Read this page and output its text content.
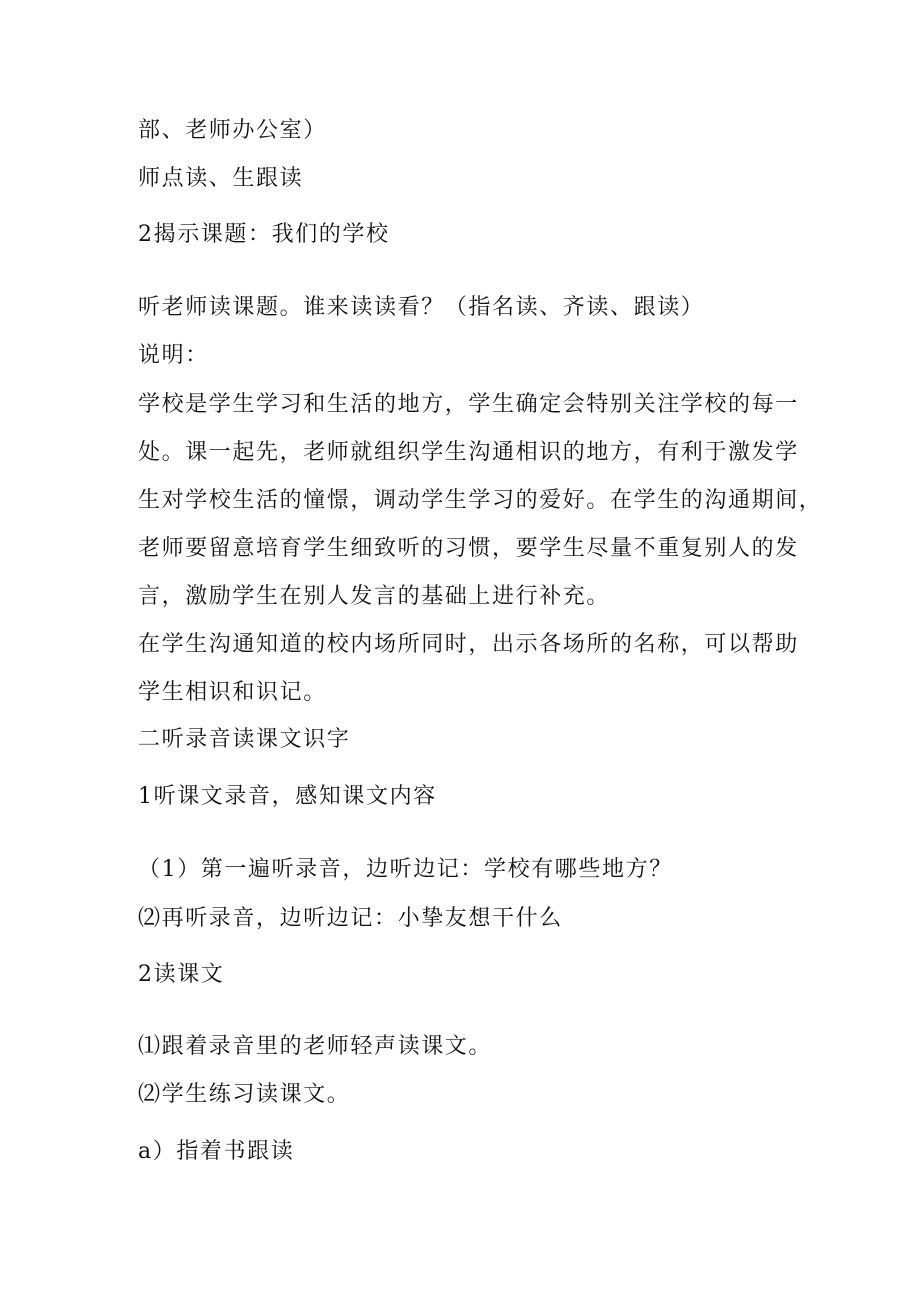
部、老师办公室）
师点读、生跟读
2揭示课题：我们的学校
听老师读课题。谁来读读看？（指名读、齐读、跟读）
说明：
学校是学生学习和生活的地方，学生确定会特别关注学校的每一
处。课一起先，老师就组织学生沟通相识的地方，有利于激发学
生对学校生活的憧憬，调动学生学习的爱好。在学生的沟通期间，
老师要留意培育学生细致听的习惯，要学生尽量不重复别人的发
言，激励学生在别人发言的基础上进行补充。
在学生沟通知道的校内场所同时，出示各场所的名称，可以帮助
学生相识和识记。
二听录音读课文识字
1听课文录音，感知课文内容
（1）第一遍听录音，边听边记：学校有哪些地方？
⑵再听录音，边听边记：小挚友想干什么
2读课文
⑴跟着录音里的老师轻声读课文。
⑵学生练习读课文。
a）指着书跟读
